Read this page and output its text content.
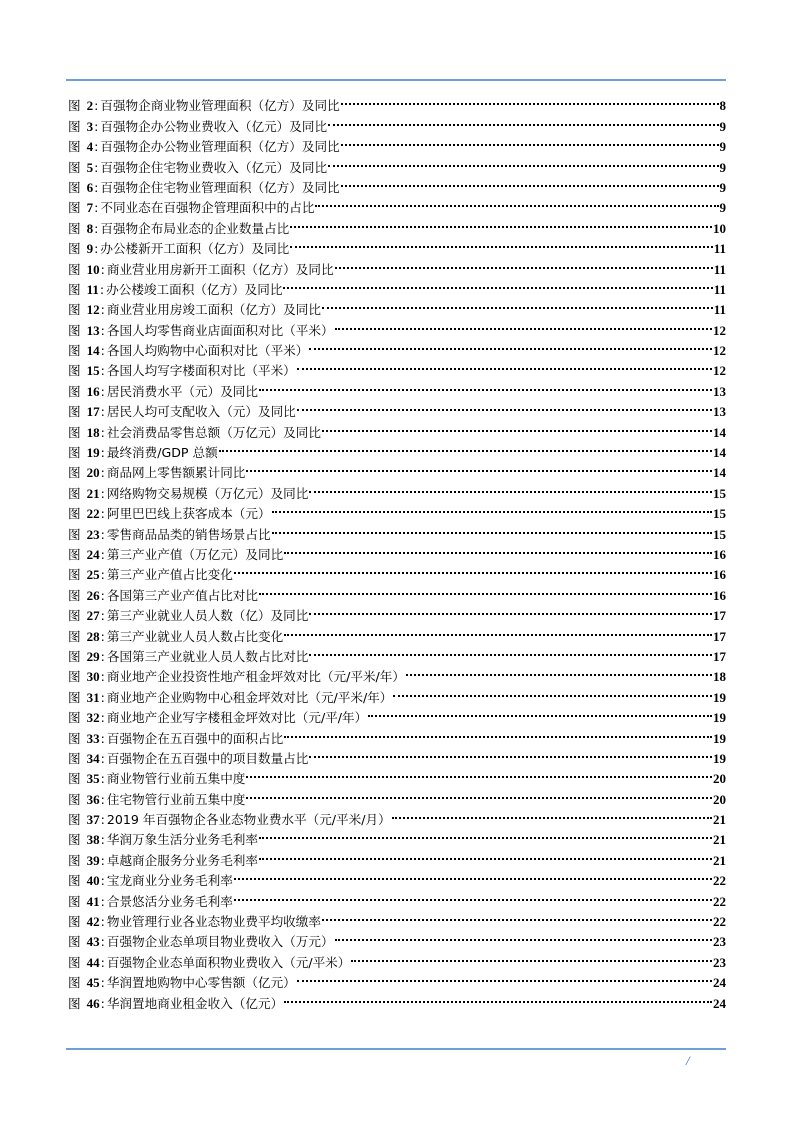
图 2 : 百强物企商业物业管理面积（亿方）及同比	8
图 3 : 百强物企办公物业费收入（亿元）及同比	9
图 4 : 百强物企办公物业管理面积（亿方）及同比	9
图 5 : 百强物企住宅物业费收入（亿元）及同比	9
图 6 : 百强物企住宅物业管理面积（亿方）及同比	9
图 7 : 不同业态在百强物企管理面积中的占比	9
图 8 : 百强物企布局业态的企业数量占比	10
图 9 : 办公楼新开工面积（亿方）及同比	11
图 10 : 商业营业用房新开工面积（亿方）及同比	11
图 11 : 办公楼竣工面积（亿方）及同比	11
图 12 : 商业营业用房竣工面积（亿方）及同比	11
图 13 : 各国人均零售商业店面面积对比（平米）	12
图 14 : 各国人均购物中心面积对比（平米）	12
图 15 : 各国人均写字楼面积对比（平米）	12
图 16 : 居民消费水平（元）及同比	13
图 17 : 居民人均可支配收入（元）及同比	13
图 18 : 社会消费品零售总额（万亿元）及同比	14
图 19 : 最终消费/GDP 总额	14
图 20 : 商品网上零售额累计同比	14
图 21 : 网络购物交易规模（万亿元）及同比	15
图 22 : 阿里巴巴线上获客成本（元）	15
图 23 : 零售商品品类的销售场景占比	15
图 24 : 第三产业产值（万亿元）及同比	16
图 25 : 第三产业产值占比变化	16
图 26 : 各国第三产业产值占比对比	16
图 27 : 第三产业就业人员人数（亿）及同比	17
图 28 : 第三产业就业人员人数占比变化	17
图 29 : 各国第三产业就业人员人数占比对比	17
图 30 : 商业地产企业投资性地产租金坪效对比（元/平米/年）	18
图 31 : 商业地产企业购物中心租金坪效对比（元/平米/年）	19
图 32 : 商业地产企业写字楼租金坪效对比（元/平/年）	19
图 33 : 百强物企在五百强中的面积占比	19
图 34 : 百强物企在五百强中的项目数量占比	19
图 35 : 商业物管行业前五集中度	20
图 36 : 住宅物管行业前五集中度	20
图 37 : 2019 年百强物企各业态物业费水平（元/平米/月）	21
图 38 : 华润万象生活分业务毛利率	21
图 39 : 卓越商企服务分业务毛利率	21
图 40 : 宝龙商业分业务毛利率	22
图 41 : 合景悠活分业务毛利率	22
图 42 : 物业管理行业各业态物业费平均收缴率	22
图 43 : 百强物企业态单项目物业费收入（万元）	23
图 44 : 百强物企业态单面积物业费收入（元/平米）	23
图 45 : 华润置地购物中心零售额（亿元）	24
图 46 : 华润置地商业租金收入（亿元）	24
/
